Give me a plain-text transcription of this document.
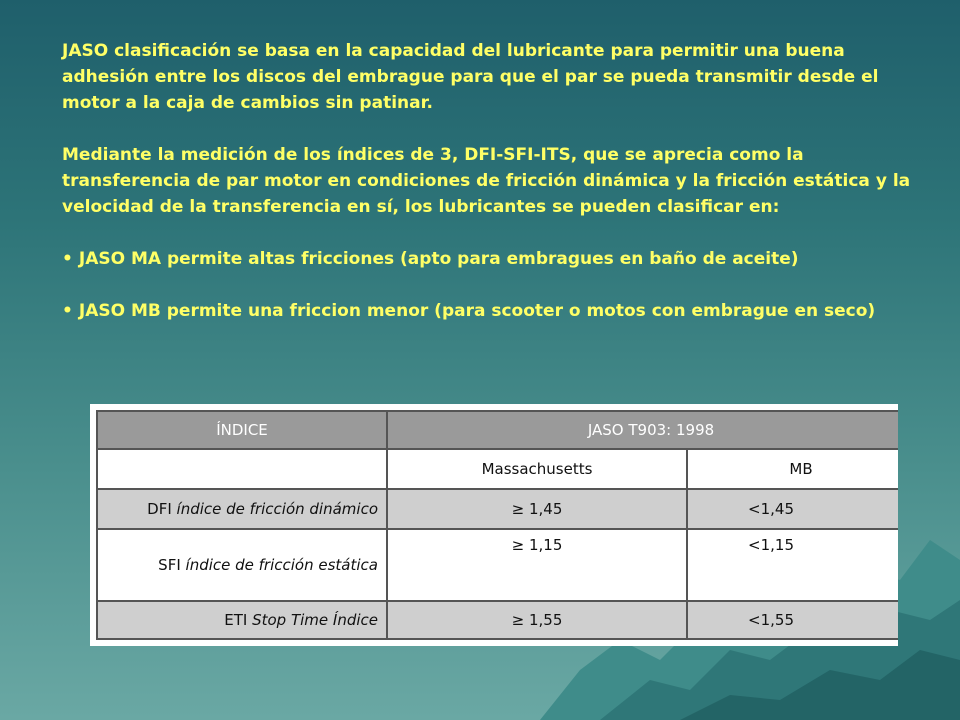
JASO clasificación se basa en la capacidad del lubricante para permitir una buena adhesión entre los discos del embrague para que el par se pueda transmitir desde el motor a la caja de cambios sin patinar.

Mediante la medición de los índices de 3, DFI-SFI-ITS, que se aprecia como la transferencia de par motor en condiciones de fricción dinámica y la fricción estática y la velocidad de la transferencia en sí, los lubricantes se pueden clasificar en:

• JASO MA permite altas fricciones (apto para embragues en baño de aceite)
• JASO MB permite una friccion menor (para scooter o motos con embrague en seco)
ÍNDICE	JASO T903: 1998	
	Massachusetts	MB
DFI índice de fricción dinámico	≥ 1,45	<1,45
SFI índice de fricción estática	≥ 1,15	<1,15
ETI Stop Time Índice	≥ 1,55	<1,55
